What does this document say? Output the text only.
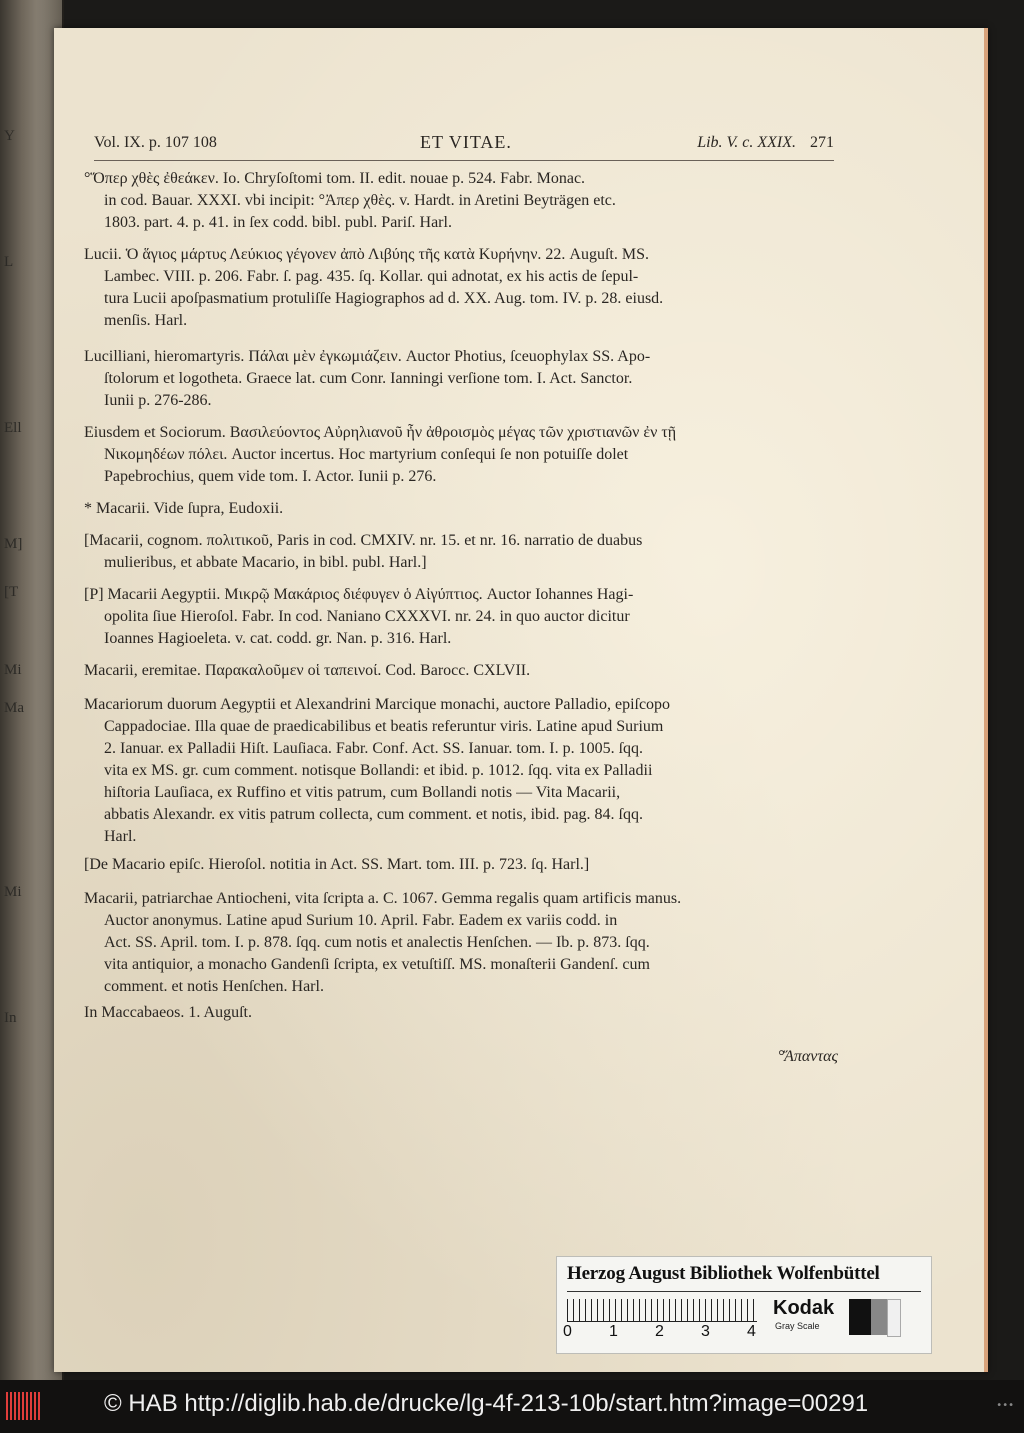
Y
L
Ell
M]
[T
Mi
Ma
Mi
In
Vol. IX. p. 107 108	ET VITAE.	Lib. V. c. XXIX. 271

°Ὅπερ χθὲς ἐθεάκεν. Io. Chryſoſtomi tom. II. edit. nouae p. 524. Fabr. Monac.

in cod. Bauar. XXXI. vbi incipit: °Ἀπερ χθὲς. v. Hardt. in Aretini Beytrӓgen etc.

1803. part. 4. p. 41. in ſex codd. bibl. publ. Pariſ. Harl.

Lucii. Ὁ ἅγιος μάρτυς Λεύκιος γέγονεν ἀπὸ Λιβύης τῆς κατὰ Κυρήνην. 22. Auguſt. MS.

Lambec. VIII. p. 206. Fabr. ſ. pag. 435. ſq. Kollar. qui adnotat, ex his actis de ſepul-

tura Lucii apoſpasmatium protuliſſe Hagiographos ad d. XX. Aug. tom. IV. p. 28. eiusd.

menſis. Harl.

Lucilliani, hieromartyris. Πάλαι μὲν ἐγκωμιάζειν. Auctor Photius, ſceuophylax SS. Apo-

ſtolorum et logotheta. Graece lat. cum Conr. Ianningi verſione tom. I. Act. Sanctor.

Iunii p. 276-286.

Eiusdem et Sociorum. Βασιλεύοντος Αὐρηλιανοῦ ἦν ἀθροισμὸς μέγας τῶν χριστιανῶν ἐν τῇ

Νικομηδέων πόλει. Auctor incertus. Hoc martyrium conſequi ſe non potuiſſe dolet

Papebrochius, quem vide tom. I. Actor. Iunii p. 276.

* Macarii. Vide ſupra, Eudoxii.

[Macarii, cognom. πολιτικοῦ, Paris in cod. CMXIV. nr. 15. et nr. 16. narratio de duabus

mulieribus, et abbate Macario, in bibl. publ. Harl.]

[P] Macarii Aegyptii. Μικρῷ Μακάριος διέφυγεν ὁ Αἰγύπτιος. Auctor Iohannes Hagi-

opolita ſiue Hieroſol. Fabr. In cod. Naniano CXXXVI. nr. 24. in quo auctor dicitur

Ioannes Hagioeleta. v. cat. codd. gr. Nan. p. 316. Harl.

Macarii, eremitae. Παρακαλοῦμεν οἱ ταπεινοί. Cod. Barocc. CXLVII.

Macariorum duorum Aegyptii et Alexandrini Marcique monachi, auctore Palladio, epiſcopo

Cappadociae. Illa quae de praedicabilibus et beatis referuntur viris. Latine apud Surium

2. Ianuar. ex Palladii Hiſt. Lauſiaca. Fabr. Conf. Act. SS. Ianuar. tom. I. p. 1005. ſqq.

vita ex MS. gr. cum comment. notisque Bollandi: et ibid. p. 1012. ſqq. vita ex Palladii

hiſtoria Lauſiaca, ex Ruffino et vitis patrum, cum Bollandi notis — Vita Macarii,

abbatis Alexandr. ex vitis patrum collecta, cum comment. et notis, ibid. pag. 84. ſqq.

Harl.

[De Macario epiſc. Hieroſol. notitia in Act. SS. Mart. tom. III. p. 723. ſq. Harl.]

Macarii, patriarchae Antiocheni, vita ſcripta a. C. 1067. Gemma regalis quam artificis manus.

Auctor anonymus. Latine apud Surium 10. April. Fabr. Eadem ex variis codd. in

Act. SS. April. tom. I. p. 878. ſqq. cum notis et analectis Henſchen. — Ib. p. 873. ſqq.

vita antiquior, a monacho Gandenſi ſcripta, ex vetuſtiſſ. MS. monaſterii Gandenſ. cum

comment. et notis Henſchen. Harl.

In Maccabaeos. 1. Auguſt.

°Ἅπαντας
Herzog August Bibliothek Wolfenbüttel
0 1 2 3 4
Kodak
Gray Scale
© HAB http://diglib.hab.de/drucke/lg-4f-213-10b/start.htm?image=00291	•••
